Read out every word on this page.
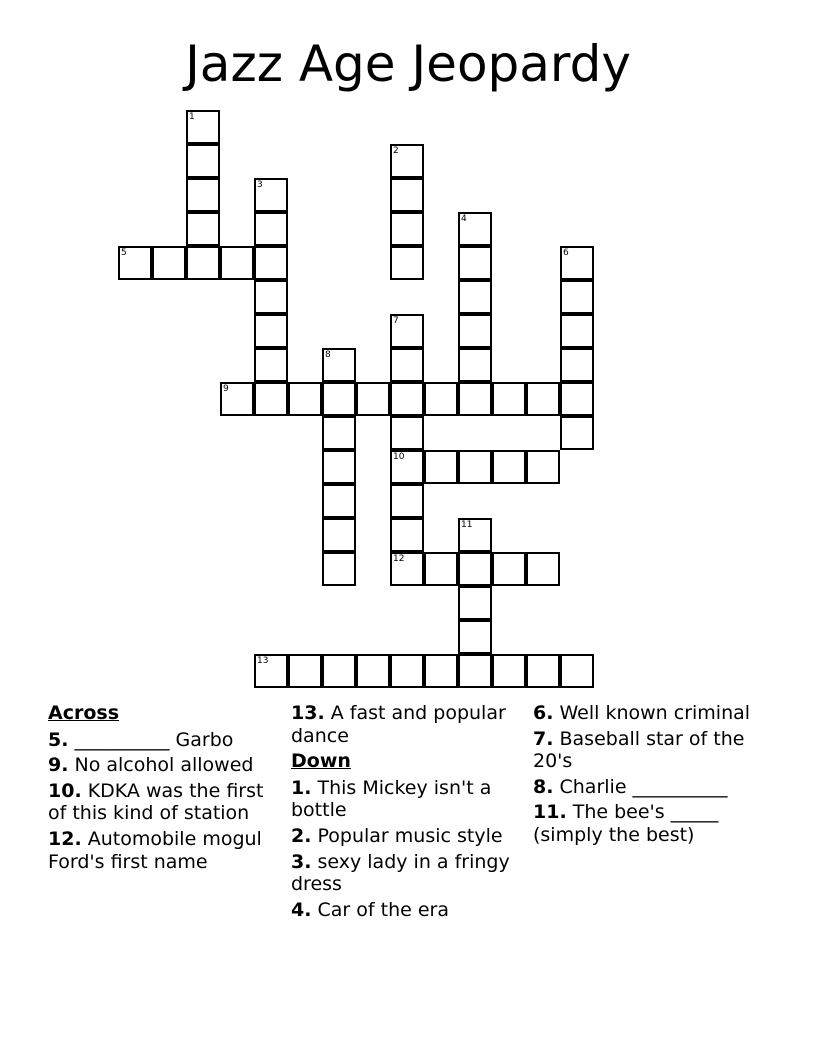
Jazz Age Jeopardy
1
2
3
4
5	6
7
10
12
8
9
11
13
Across
5. __________ Garbo
9. No alcohol allowed
10. KDKA was the first of this kind of station
12. Automobile mogul Ford's first name
13. A fast and popular dance
Down
1. This Mickey isn't a bottle
2. Popular music style
3. sexy lady in a fringy dress
4. Car of the era
6. Well known criminal
7. Baseball star of the 20's
8. Charlie __________
11. The bee's _____ (simply the best)
